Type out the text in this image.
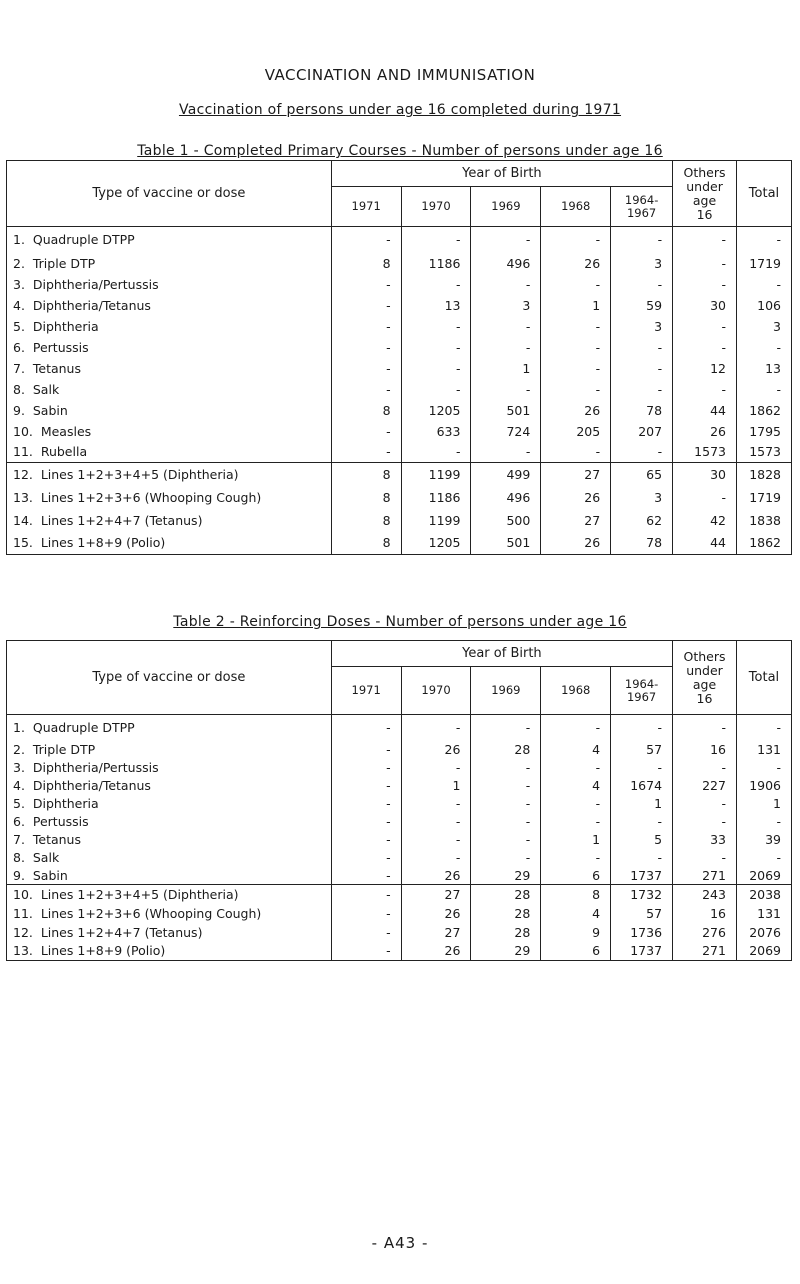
VACCINATION AND IMMUNISATION
Vaccination of persons under age 16 completed during 1971
Table 1 - Completed Primary Courses - Number of persons under age 16
Type of vaccine or dose	Year of Birth					Others
under
age
16	Total
	1971	1970	1969	1968	1964-
1967		
1.  Quadruple DTPP	-	-	-	-	-	-	-
2.  Triple DTP	8	1186	496	26	3	-	1719
3.  Diphtheria/Pertussis	-	-	-	-	-	-	-
4.  Diphtheria/Tetanus	-	13	3	1	59	30	106
5.  Diphtheria	-	-	-	-	3	-	3
6.  Pertussis	-	-	-	-	-	-	-
7.  Tetanus	-	-	1	-	-	12	13
8.  Salk	-	-	-	-	-	-	-
9.  Sabin	8	1205	501	26	78	44	1862
10.  Measles	-	633	724	205	207	26	1795
11.  Rubella	-	-	-	-	-	1573	1573
12.  Lines 1+2+3+4+5 (Diphtheria)	8	1199	499	27	65	30	1828
13.  Lines 1+2+3+6 (Whooping Cough)	8	1186	496	26	3	-	1719
14.  Lines 1+2+4+7 (Tetanus)	8	1199	500	27	62	42	1838
15.  Lines 1+8+9 (Polio)	8	1205	501	26	78	44	1862
Table 2 - Reinforcing Doses - Number of persons under age 16
Type of vaccine or dose	Year of Birth					Others
under
age
16	Total
	1971	1970	1969	1968	1964-
1967		
1.  Quadruple DTPP	-	-	-	-	-	-	-
2.  Triple DTP	-	26	28	4	57	16	131
3.  Diphtheria/Pertussis	-	-	-	-	-	-	-
4.  Diphtheria/Tetanus	-	1	-	4	1674	227	1906
5.  Diphtheria	-	-	-	-	1	-	1
6.  Pertussis	-	-	-	-	-	-	-
7.  Tetanus	-	-	-	1	5	33	39
8.  Salk	-	-	-	-	-	-	-
9.  Sabin	-	26	29	6	1737	271	2069
10.  Lines 1+2+3+4+5 (Diphtheria)	-	27	28	8	1732	243	2038
11.  Lines 1+2+3+6 (Whooping Cough)	-	26	28	4	57	16	131
12.  Lines 1+2+4+7 (Tetanus)	-	27	28	9	1736	276	2076
13.  Lines 1+8+9 (Polio)	-	26	29	6	1737	271	2069
- A43 -
